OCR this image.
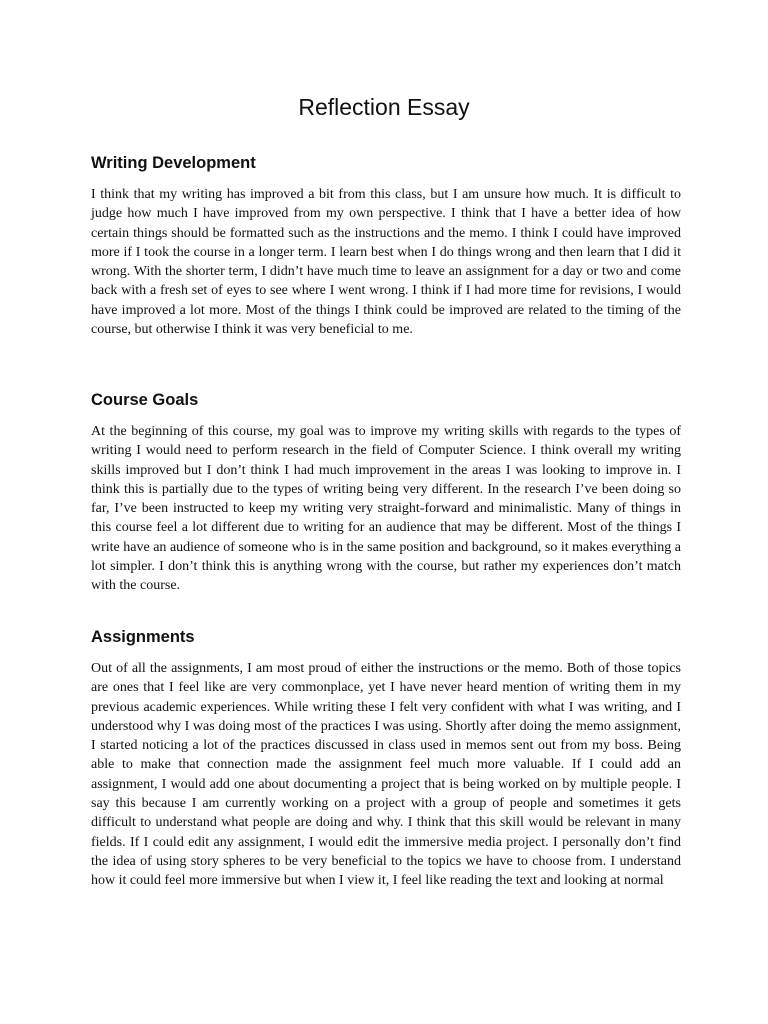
Reflection Essay
Writing Development

I think that my writing has improved a bit from this class, but I am unsure how much. It is difficult to judge how much I have improved from my own perspective. I think that I have a better idea of how certain things should be formatted such as the instructions and the memo. I think I could have improved more if I took the course in a longer term. I learn best when I do things wrong and then learn that I did it wrong. With the shorter term, I didn’t have much time to leave an assignment for a day or two and come back with a fresh set of eyes to see where I went wrong. I think if I had more time for revisions, I would have improved a lot more. Most of the things I think could be improved are related to the timing of the course, but otherwise I think it was very beneficial to me.

Course Goals

At the beginning of this course, my goal was to improve my writing skills with regards to the types of writing I would need to perform research in the field of Computer Science. I think overall my writing skills improved but I don’t think I had much improvement in the areas I was looking to improve in. I think this is partially due to the types of writing being very different. In the research I’ve been doing so far, I’ve been instructed to keep my writing very straight-forward and minimalistic. Many of things in this course feel a lot different due to writing for an audience that may be different. Most of the things I write have an audience of someone who is in the same position and background, so it makes everything a lot simpler. I don’t think this is anything wrong with the course, but rather my experiences don’t match with the course.

Assignments

Out of all the assignments, I am most proud of either the instructions or the memo. Both of those topics are ones that I feel like are very commonplace, yet I have never heard mention of writing them in my previous academic experiences. While writing these I felt very confident with what I was writing, and I understood why I was doing most of the practices I was using. Shortly after doing the memo assignment, I started noticing a lot of the practices discussed in class used in memos sent out from my boss. Being able to make that connection made the assignment feel much more valuable. If I could add an assignment, I would add one about documenting a project that is being worked on by multiple people. I say this because I am currently working on a project with a group of people and sometimes it gets difficult to understand what people are doing and why. I think that this skill would be relevant in many fields. If I could edit any assignment, I would edit the immersive media project. I personally don’t find the idea of using story spheres to be very beneficial to the topics we have to choose from. I understand how it could feel more immersive but when I view it, I feel like reading the text and looking at normal
